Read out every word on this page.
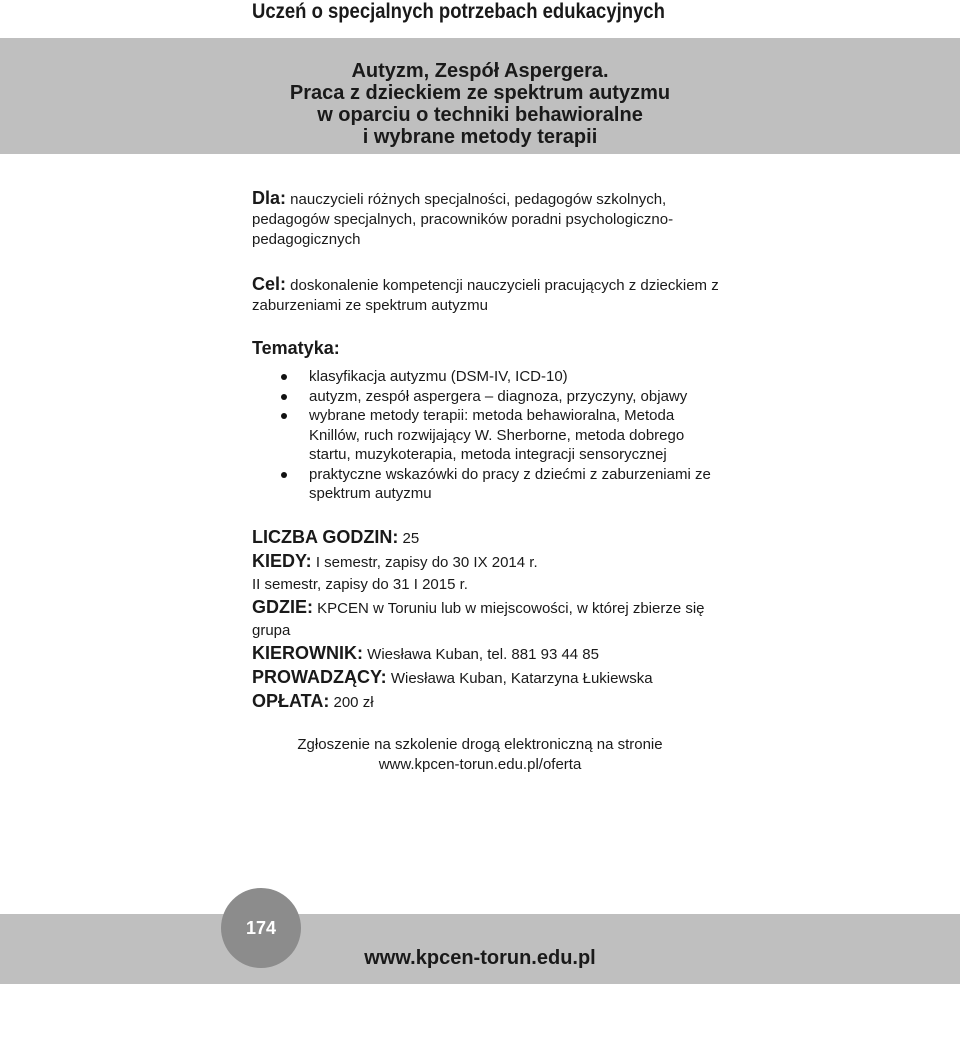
Uczeń o specjalnych potrzebach edukacyjnych
Autyzm, Zespół Aspergera.
Praca z dzieckiem ze spektrum autyzmu
w oparciu o techniki behawioralne
i wybrane metody terapii
Dla: nauczycieli różnych specjalności, pedagogów szkolnych, pedagogów specjalnych, pracowników poradni psychologiczno-pedagogicznych
Cel: doskonalenie kompetencji nauczycieli pracujących z dzieckiem z zaburzeniami ze spektrum autyzmu
Tematyka:
klasyfikacja autyzmu (DSM-IV, ICD-10)
autyzm, zespół aspergera – diagnoza, przyczyny, objawy
wybrane metody terapii: metoda behawioralna, Metoda Knillów, ruch rozwijający W. Sherborne, metoda dobrego startu, muzykoterapia, metoda integracji sensorycznej
praktyczne wskazówki do pracy z dziećmi z zaburzeniami ze spektrum autyzmu
LICZBA GODZIN: 25
KIEDY: I semestr, zapisy do 30 IX 2014 r.
II semestr, zapisy do 31 I 2015 r.
GDZIE: KPCEN w Toruniu lub w miejscowości, w której zbierze się grupa
KIEROWNIK: Wiesława Kuban, tel. 881 93 44 85
PROWADZĄCY: Wiesława Kuban, Katarzyna Łukiewska
OPŁATA: 200 zł
Zgłoszenie na szkolenie drogą elektroniczną na stronie
www.kpcen-torun.edu.pl/oferta
174
www.kpcen-torun.edu.pl
